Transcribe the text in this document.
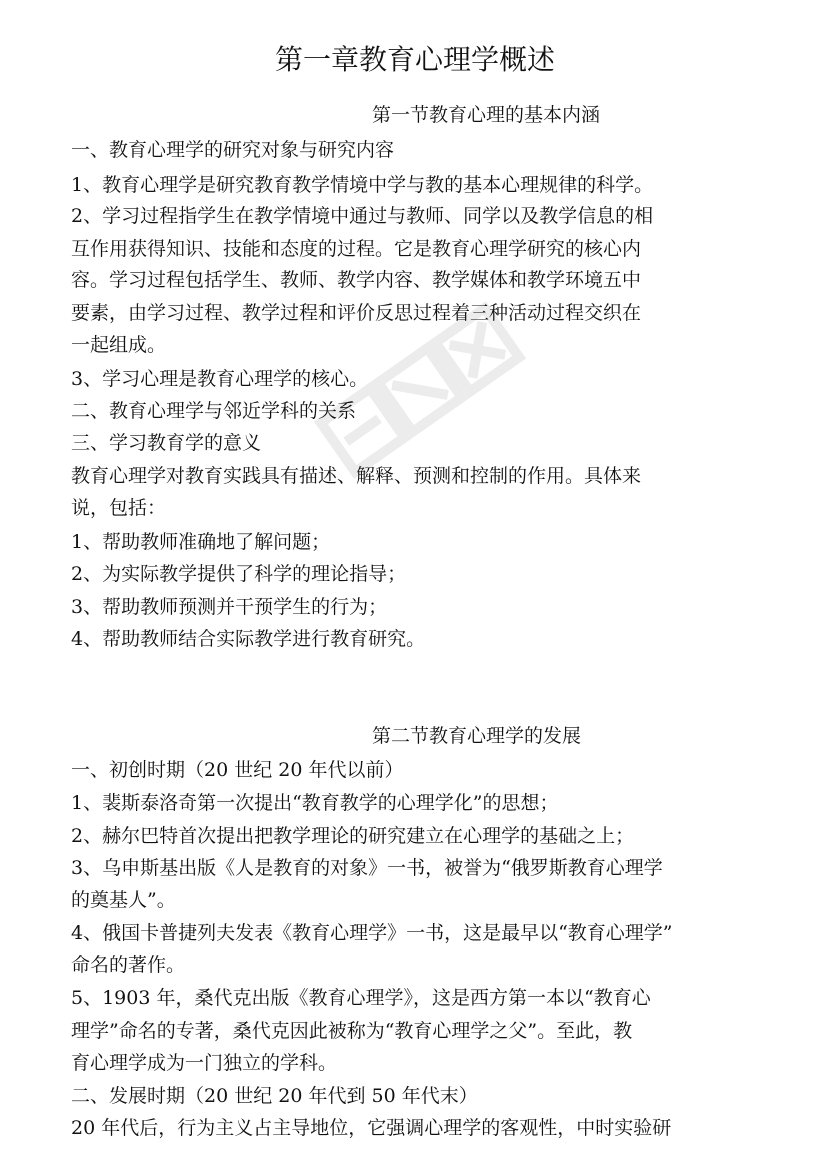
第一章教育心理学概述
第一节教育心理的基本内涵

一、教育心理学的研究对象与研究内容

1、教育心理学是研究教育教学情境中学与教的基本心理规律的科学。

2、学习过程指学生在教学情境中通过与教师、同学以及教学信息的相

互作用获得知识、技能和态度的过程。它是教育心理学研究的核心内

容。学习过程包括学生、教师、教学内容、教学媒体和教学环境五中

要素，由学习过程、教学过程和评价反思过程着三种活动过程交织在

一起组成。

3、学习心理是教育心理学的核心。

二、教育心理学与邻近学科的关系

三、学习教育学的意义

教育心理学对教育实践具有描述、解释、预测和控制的作用。具体来

说，包括：

1、帮助教师准确地了解问题；

2、为实际教学提供了科学的理论指导；

3、帮助教师预测并干预学生的行为；

4、帮助教师结合实际教学进行教育研究。

第二节教育心理学的发展

一、初创时期（20 世纪 20 年代以前）

1、裴斯泰洛奇第一次提出“教育教学的心理学化”的思想；

2、赫尔巴特首次提出把教学理论的研究建立在心理学的基础之上；

3、乌申斯基出版《人是教育的对象》一书，被誉为“俄罗斯教育心理学

的奠基人”。

4、俄国卡普捷列夫发表《教育心理学》一书，这是最早以“教育心理学”

命名的著作。

5、1903 年，桑代克出版《教育心理学》，这是西方第一本以“教育心

理学”命名的专著，桑代克因此被称为“教育心理学之父”。至此，教

育心理学成为一门独立的学科。

二、发展时期（20 世纪 20 年代到 50 年代末）

20 年代后，行为主义占主导地位，它强调心理学的客观性，中时实验研
